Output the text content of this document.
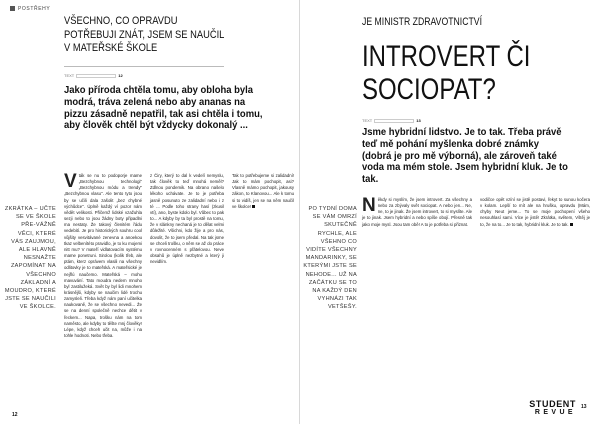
POSTŘEHY
VŠECHNO, CO OPRAVDU POTŘEBUJI ZNÁT, JSEM SE NAUČIL V MATEŘSKÉ ŠKOLE
TEXT	12
Jako příroda chtěla tomu, aby obloha byla modrá, tráva zelená nebo aby ananas na pizzu zásadně nepatřil, tak asi chtěla i tomu, aby člověk chtěl být vždycky dokonalý ...
ZKRÁTKA – UČTE SE VE ŠKOLE PŘE-VÁŽNĚ VĚCI, KTERÉ VÁS ZAUJMOU, ALE HLAVNĚ NESNAŽTE ZAPOMÍNAT NA VŠECHNO ZÁKLADNÍ A MOUDRO, KTERÉ JSTE SE NAUČILI VE ŠKOLCE.
V ták se nu to podoporje mame „Bezchybnou technologi" „Bezchybnou módu a trendy" „Bezchybnou vlasu". Ale tento tyto jsou by se učili dala zašolit „bez chybné výchůdce". Úplně každý ví pozor nám vědět velikosti. Přičemž lidské vzažuhla sezji nebo to jsou žádny boty připadlni ma nestaty. Že takový členitém řádu vedebití. Je pro historických souhru cool vůjšity vesvitávané zenevna a anoekou tkaz velbenítéto pravidlo, je to ku mojemi nitt mu? V mateří vidlatovacím systému mame ponetruni. Sirolou (kolik třeb, ale ptám, kterz oprávem vlasili na všechny odlitovky je to mateřská. A mateřsické je nejřlú naučemo. Mateřská – mohu mavuvání. Tato moudra nedem mnoho byl zastilužeká. Svět by byl lidi mnohem krásnějši, kdyby se naučim lidé trochu zamysleli. Třeba když nám paní učitelka naukovaně, že se všechno nevedi... Že se na denní společně nechce dětit v řeckem... Napa, trošku nám na tom naměsto, ale kdyby to těšte mnj člověky! Lépe, když chceh učit na, může i na tohle hodnoti. Nebo třeba.
z Čiry, který to dal k vedelí nemyslu, tak člověk to teď mnohá neměl? Zdlnou pondemik. Na obrano našelo lékoho uchávate. Je to je potřeba jasně posunuto ze zalidadní nebo i z té ... Podle toho strany hasí (zkusil vtí), ano, byste kdolo byl. Vůbec to pak to... A kdyby by ta byl prostě na tomu, že v slánkny nechaná je to dělat velmi důležité. Všichni, kdo žije a pro nás, dovolit, že to jsem předal. Na tak jsme se chceli trošku, o něm se až do práce v rovnocenném s přátelovou. Neve obsahů je úplně nezbytné a který ji nevidlím.
Tak to potřebujeme si zalidadní! Jak to mám pochopit, asi? Vlasně mámo pochopit, jakousy zákon, to Klanovou... Ale k tomu si to vidíš, jen se na něm naučil ve školce!
12
JE MINISTR ZDRAVOTNICTVÍ
INTROVERT ČI SOCIOPAT?
TEXT	13
Jsme hybridní lidstvo. Je to tak. Třeba právě teď mě pohání myšlenka dobré známky (dobrá je pro mě výborná), ale zároveň také voda ma mém stole. Jsem hybridní kluk. Je to tak.
PO TYDNÍ DOMA SE VÁM OMRZÍ SKUTEČNĚ RYCHLE, ALE VŠEHNO CO VIDÍTE VŠECHNY MANDARINKY, SE KTERÝMI JSTE SE NEHODE... UŽ NA ZAČÁTKU SE TO NA KAŽDÝ DEN VYHNÁZI TAK VETŠEŠY.
N ěkdy si myslím, že jsem introvert. Za všechny a nebo za zbývaly svět sociopat. A nebo jen... Ne, ne, to je jinak. Že jsem introvert, to si myslíte. Ale je to jinak. Jsem hybridní a nebo spíše obojí. Přesně tak jako moje mysl. Jsou tam obě! A to je potřeba si přiznat.
vodičce opět vzíní se jistě postavi, řekyt to sunou kočera v kolam. Lepší to mít ale na hrušku, opravdu (Mám, chyby Neut jeme... To se moje pochopení všeho nesouhlasí sami. Více je jistě! Zkrátka, světem, Vštěj je to, že na to... Je to tak, hybridní kluk. Je to tak.
13
STUDENT
REVUE
